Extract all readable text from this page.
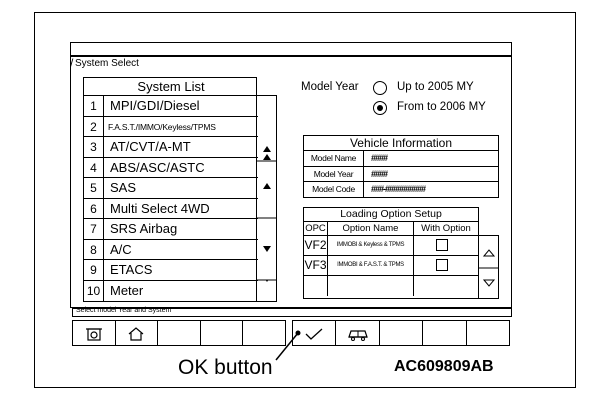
/ System Select
System List
1	MPI/GDI/Diesel
2	F.A.S.T./IMMO/Keyless/TPMS
3	AT/CVT/A-MT
4	ABS/ASC/ASTC
5	SAS
6	Multi Select 4WD
7	SRS Airbag
8	A/C
9	ETACS
10 Meter
Model Year	Up to 2005 MY
From to 2006 MY
Vehicle Information
Model Name	####
Model Year	####
Model Code	###-##########
Loading Option Setup
OPC	Option Name	With Option
VF2	IMMOBI & Keyless & TPMS
VF3	IMMOBI & F.A.S.T. & TPMS
Select model Year and System
OK button	AC609809AB
